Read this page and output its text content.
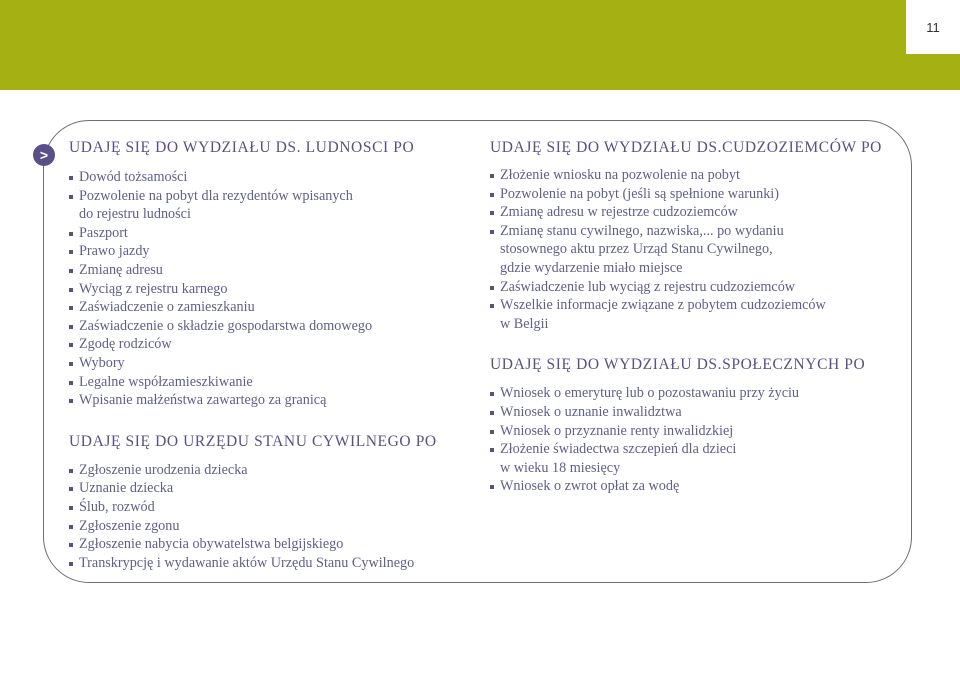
11
>	UDAJĘ SIĘ DO WYDZIAŁU DS. LUDNOSCI PO
Dowód tożsamości
Pozwolenie na pobyt dla rezydentów wpisanych
do rejestru ludności
Paszport
Prawo jazdy
Zmianę adresu
Wyciąg z rejestru karnego
Zaświadczenie o zamieszkaniu
Zaświadczenie o składzie gospodarstwa domowego
Zgodę rodziców
Wybory
Legalne współzamieszkiwanie
Wpisanie małżeństwa zawartego za granicą
UDAJĘ SIĘ DO URZĘDU STANU CYWILNEGO PO
Zgłoszenie urodzenia dziecka
Uznanie dziecka
Ślub, rozwód
Zgłoszenie zgonu
Zgłoszenie nabycia obywatelstwa belgijskiego
Transkrypcję i wydawanie aktów Urzędu Stanu Cywilnego
UDAJĘ SIĘ DO WYDZIAŁU DS.CUDZOZIEMCÓW PO
Złożenie wniosku na pozwolenie na pobyt
Pozwolenie na pobyt (jeśli są spełnione warunki)
Zmianę adresu w rejestrze cudzoziemców
Zmianę stanu cywilnego, nazwiska,... po wydaniu
stosownego aktu przez Urząd Stanu Cywilnego,
gdzie wydarzenie miało miejsce
Zaświadczenie lub wyciąg z rejestru cudzoziemców
Wszelkie informacje związane z pobytem cudzoziemców
w Belgii
UDAJĘ SIĘ DO WYDZIAŁU DS.SPOŁECZNYCH PO
Wniosek o emeryturę lub o pozostawaniu przy życiu
Wniosek o uznanie inwalidztwa
Wniosek o przyznanie renty inwalidzkiej
Złożenie świadectwa szczepień dla dzieci
w wieku 18 miesięcy
Wniosek o zwrot opłat za wodę
